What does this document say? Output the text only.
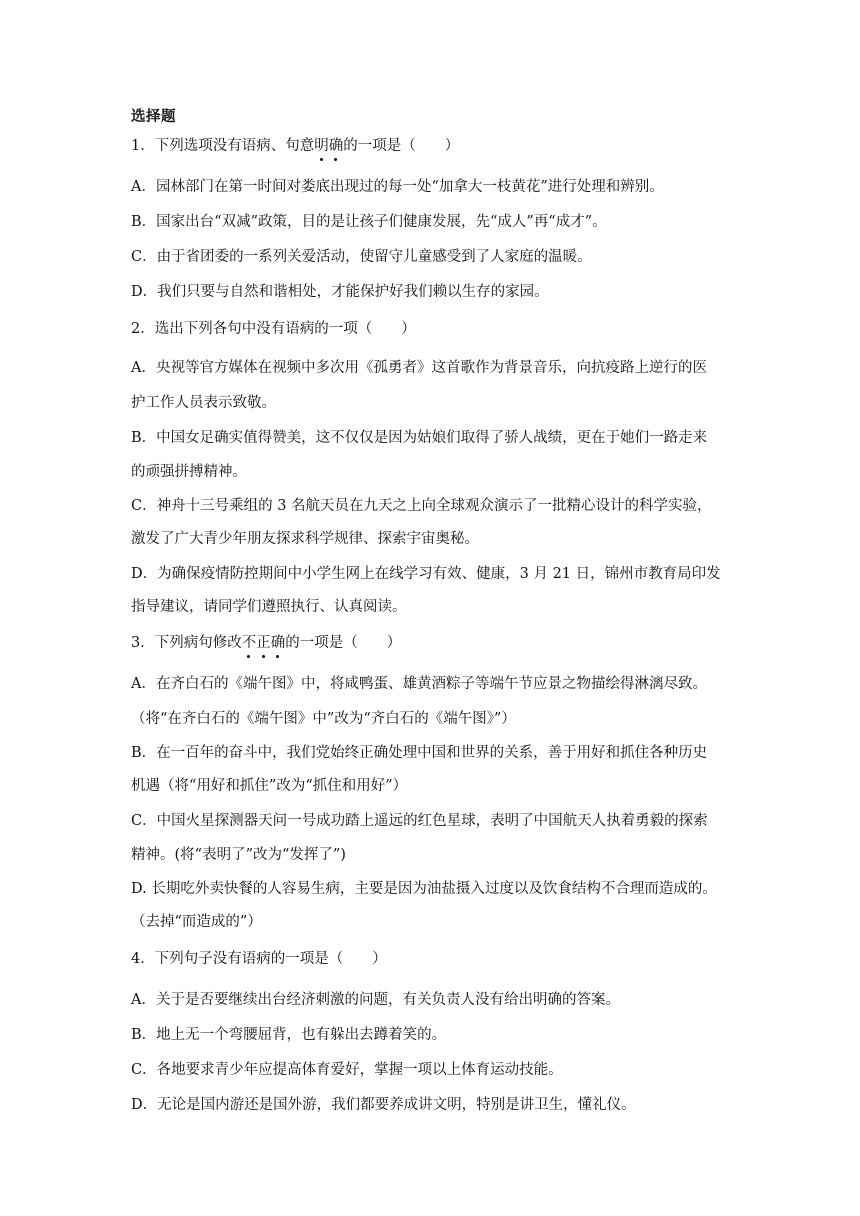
选择题
1．下列选项没有语病、句意明确的一项是（　　）
A．园林部门在第一时间对娄底出现过的每一处“加拿大一枝黄花”进行处理和辨别。
B．国家出台“双减”政策，目的是让孩子们健康发展，先“成人”再“成才”。
C．由于省团委的一系列关爱活动，使留守儿童感受到了人家庭的温暖。
D．我们只要与自然和谐相处，才能保护好我们赖以生存的家园。
2．选出下列各句中没有语病的一项（　　）
A．央视等官方媒体在视频中多次用《孤勇者》这首歌作为背景音乐，向抗疫路上逆行的医
护工作人员表示致敬。
B．中国女足确实值得赞美，这不仅仅是因为姑娘们取得了骄人战绩，更在于她们一路走来
的顽强拼搏精神。
C．神舟十三号乘组的 3 名航天员在九天之上向全球观众演示了一批精心设计的科学实验，
激发了广大青少年朋友探求科学规律、探索宇宙奥秘。
D．为确保疫情防控期间中小学生网上在线学习有效、健康，3 月 21 日，锦州市教育局印发
指导建议，请同学们遵照执行、认真阅读。
3．下列病句修改不正确的一项是（　　）
A．在齐白石的《端午图》中，将咸鸭蛋、雄黄酒粽子等端午节应景之物描绘得淋漓尽致。
（将“在齐白石的《端午图》中”改为“齐白石的《端午图》”）
B．在一百年的奋斗中，我们党始终正确处理中国和世界的关系，善于用好和抓住各种历史
机遇（将“用好和抓住”改为“抓住和用好”）
C．中国火星探测器天问一号成功踏上遥远的红色星球，表明了中国航天人执着勇毅的探索
精神。(将“表明了”改为“发挥了”)
D. 长期吃外卖快餐的人容易生病，主要是因为油盐摄入过度以及饮食结构不合理而造成的。
（去掉“而造成的”）
4．下列句子没有语病的一项是（　　）
A．关于是否要继续出台经济刺激的问题，有关负责人没有给出明确的答案。
B．地上无一个弯腰屈背，也有躲出去蹲着笑的。
C．各地要求青少年应提高体育爱好，掌握一项以上体育运动技能。
D．无论是国内游还是国外游，我们都要养成讲文明，特别是讲卫生，懂礼仪。
